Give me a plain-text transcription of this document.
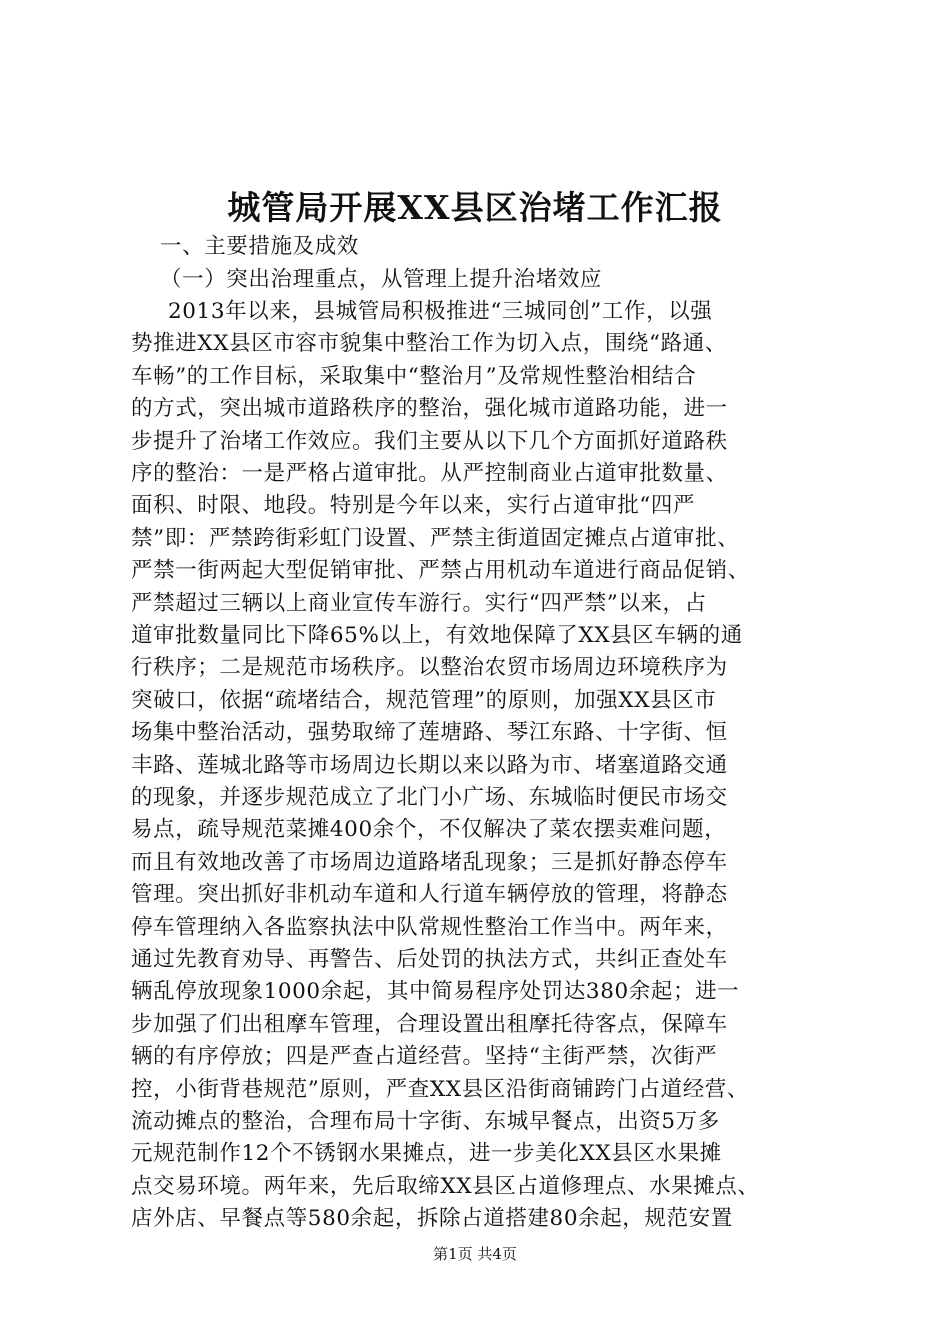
城管局开展XX县区治堵工作汇报
一、主要措施及成效
（一）突出治理重点，从管理上提升治堵效应
2013年以来，县城管局积极推进“三城同创”工作，以强
势推进XX县区市容市貌集中整治工作为切入点，围绕“路通、
车畅”的工作目标，采取集中“整治月”及常规性整治相结合
的方式，突出城市道路秩序的整治，强化城市道路功能，进一
步提升了治堵工作效应。我们主要从以下几个方面抓好道路秩
序的整治：一是严格占道审批。从严控制商业占道审批数量、
面积、时限、地段。特别是今年以来，实行占道审批“四严
禁”即：严禁跨街彩虹门设置、严禁主街道固定摊点占道审批、
严禁一街两起大型促销审批、严禁占用机动车道进行商品促销、
严禁超过三辆以上商业宣传车游行。实行“四严禁”以来，占
道审批数量同比下降65%以上，有效地保障了XX县区车辆的通
行秩序；二是规范市场秩序。以整治农贸市场周边环境秩序为
突破口，依据“疏堵结合，规范管理”的原则，加强XX县区市
场集中整治活动，强势取缔了莲塘路、琴江东路、十字街、恒
丰路、莲城北路等市场周边长期以来以路为市、堵塞道路交通
的现象，并逐步规范成立了北门小广场、东城临时便民市场交
易点，疏导规范菜摊400余个，不仅解决了菜农摆卖难问题，
而且有效地改善了市场周边道路堵乱现象；三是抓好静态停车
管理。突出抓好非机动车道和人行道车辆停放的管理，将静态
停车管理纳入各监察执法中队常规性整治工作当中。两年来，
通过先教育劝导、再警告、后处罚的执法方式，共纠正查处车
辆乱停放现象1000余起，其中简易程序处罚达380余起；进一
步加强了们出租摩车管理，合理设置出租摩托待客点，保障车
辆的有序停放；四是严查占道经营。坚持“主街严禁，次街严
控，小街背巷规范”原则，严查XX县区沿街商铺跨门占道经营、
流动摊点的整治，合理布局十字街、东城早餐点，出资5万多
元规范制作12个不锈钢水果摊点，进一步美化XX县区水果摊
点交易环境。两年来，先后取缔XX县区占道修理点、水果摊点、
店外店、早餐点等580余起，拆除占道搭建80余起，规范安置
第1页 共4页
